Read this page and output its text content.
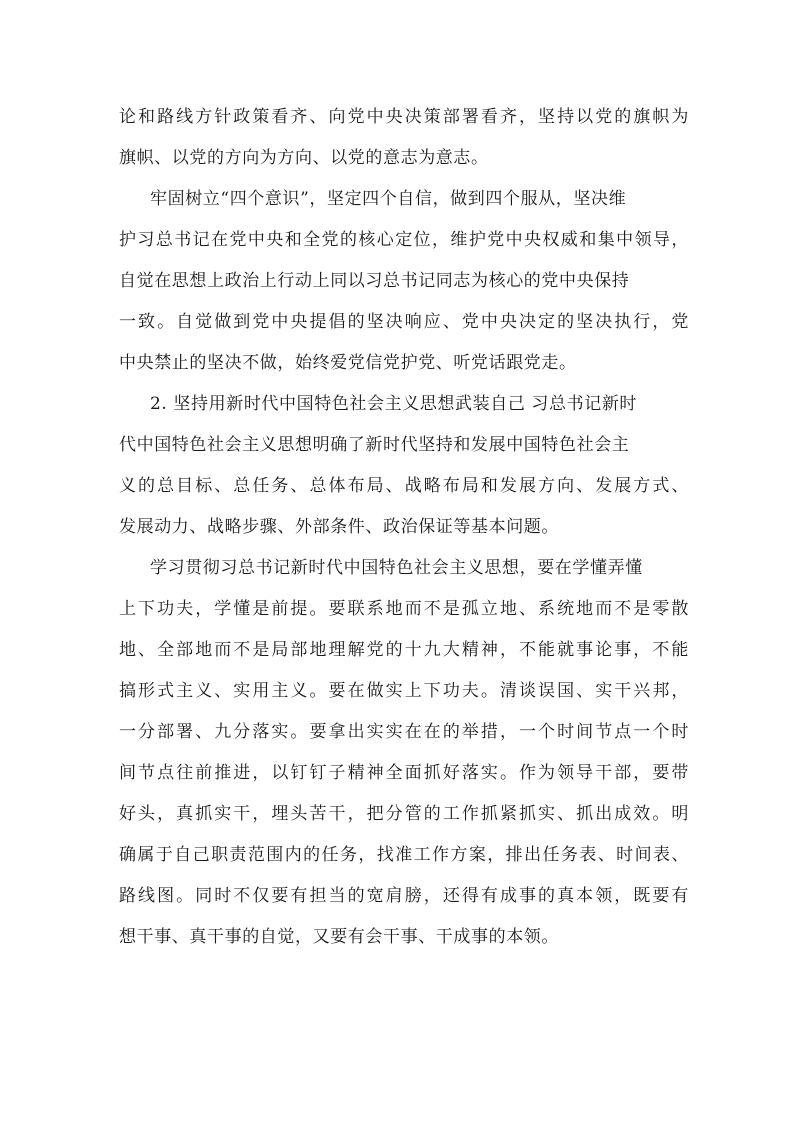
论和路线方针政策看齐、向党中央决策部署看齐，坚持以党的旗帜为
旗帜、以党的方向为方向、以党的意志为意志。
牢固树立“四个意识”，坚定四个自信，做到四个服从，坚决维
护习总书记在党中央和全党的核心定位，维护党中央权威和集中领导，
自觉在思想上政治上行动上同以习总书记同志为核心的党中央保持
一致。自觉做到党中央提倡的坚决响应、党中央决定的坚决执行，党
中央禁止的坚决不做，始终爱党信党护党、听党话跟党走。
2. 坚持用新时代中国特色社会主义思想武装自己 习总书记新时
代中国特色社会主义思想明确了新时代坚持和发展中国特色社会主
义的总目标、总任务、总体布局、战略布局和发展方向、发展方式、
发展动力、战略步骤、外部条件、政治保证等基本问题。
学习贯彻习总书记新时代中国特色社会主义思想，要在学懂弄懂
上下功夫，学懂是前提。要联系地而不是孤立地、系统地而不是零散
地、全部地而不是局部地理解党的十九大精神，不能就事论事，不能
搞形式主义、实用主义。要在做实上下功夫。清谈误国、实干兴邦，
一分部署、九分落实。要拿出实实在在的举措，一个时间节点一个时
间节点往前推进，以钉钉子精神全面抓好落实。作为领导干部，要带
好头，真抓实干，埋头苦干，把分管的工作抓紧抓实、抓出成效。明
确属于自己职责范围内的任务，找准工作方案，排出任务表、时间表、
路线图。同时不仅要有担当的宽肩膀，还得有成事的真本领，既要有
想干事、真干事的自觉，又要有会干事、干成事的本领。
